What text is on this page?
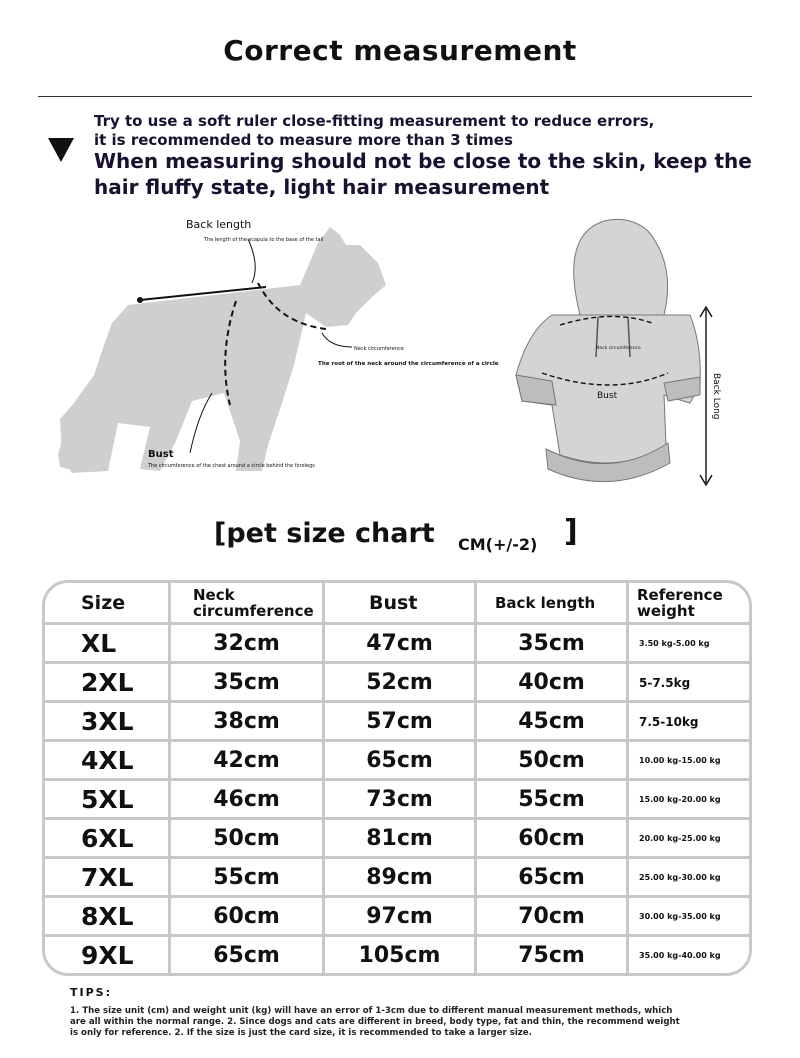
Correct measurement
Try to use a soft ruler close-fitting measurement to reduce errors,
it is recommended to measure more than 3 times
When measuring should not be close to the skin, keep the hair fluffy state, light hair measurement
Back length
The length of the scapula to the base of the tail
Neck circumference
The root of the neck around the circumference of a circle
Bust
The circumference of the chest around a circle behind the forelegs
Neck circumference
Bust	Back Long
[pet size chart CM(+/-2) ]
Size	Neck circumference	Bust	Back length	Reference weight
XL	32cm	47cm	35cm	3.50 kg-5.00 kg
2XL	35cm	52cm	40cm	5-7.5kg
3XL	38cm	57cm	45cm	7.5-10kg
4XL	42cm	65cm	50cm	10.00 kg-15.00 kg
5XL	46cm	73cm	55cm	15.00 kg-20.00 kg
6XL	50cm	81cm	60cm	20.00 kg-25.00 kg
7XL	55cm	89cm	65cm	25.00 kg-30.00 kg
8XL	60cm	97cm	70cm	30.00 kg-35.00 kg
9XL	65cm	105cm	75cm	35.00 kg-40.00 kg
TIPS:
1. The size unit (cm) and weight unit (kg) will have an error of 1-3cm due to different manual measurement methods, which are all within the normal range. 2. Since dogs and cats are different in breed, body type, fat and thin, the recommend weight is only for reference. 2. If the size is just the card size, it is recommended to take a larger size.
